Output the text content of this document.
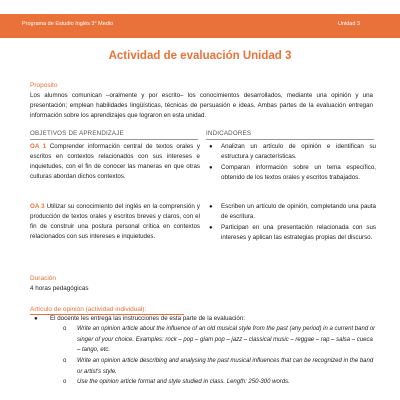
Programa de Estudio Inglés 3° Medio	Unidad 3
Actividad de evaluación Unidad 3
Propósito
Los alumnos comunican –oralmente y por escrito– los conocimientos desarrollados, mediante una opinión y una presentación; emplean habilidades lingüísticas, técnicas de persuasión e ideas. Ambas partes de la evaluación entregan información sobre los aprendizajes que lograron en esta unidad.
OBJETIVOS DE APRENDIZAJE	INDICADORES
OA 1 Comprender información central de textos orales y escritos en contextos relacionados con sus intereses e inquietudes, con el fin de conocer las maneras en que otras culturas abordan dichos contextos.
OA 3 Utilizar su conocimiento del inglés en la comprensión y producción de textos orales y escritos breves y claros, con el fin de construir una postura personal crítica en contextos relacionados con sus intereses e inquietudes.
● Analizan un artículo de opinión e identifican su estructura y características.
● Comparan información sobre un tema específico, obtenido de los textos orales y escritos trabajados.
● Escriben un artículo de opinión, completando una pauta de escritura.
● Participan en una presentación relacionada con sus intereses y aplican las estrategias propias del discurso.
Duración
4 horas pedagógicas
Artículo de opinión (actividad individual):
● El docente les entrega las instrucciones de esta parte de la evaluación:
o Write an opinion article about the influence of an old musical style from the past (any period) in a current band or singer of your choice. Examples: rock – pop – glam pop – jazz – classical music – reggae – rap – salsa – cueca – tango, etc.
o Write an opinion article describing and analysing the past musical influences that can be recognized in the band or artist's style.
o Use the opinion article format and style studied in class. Length: 250-300 words.
